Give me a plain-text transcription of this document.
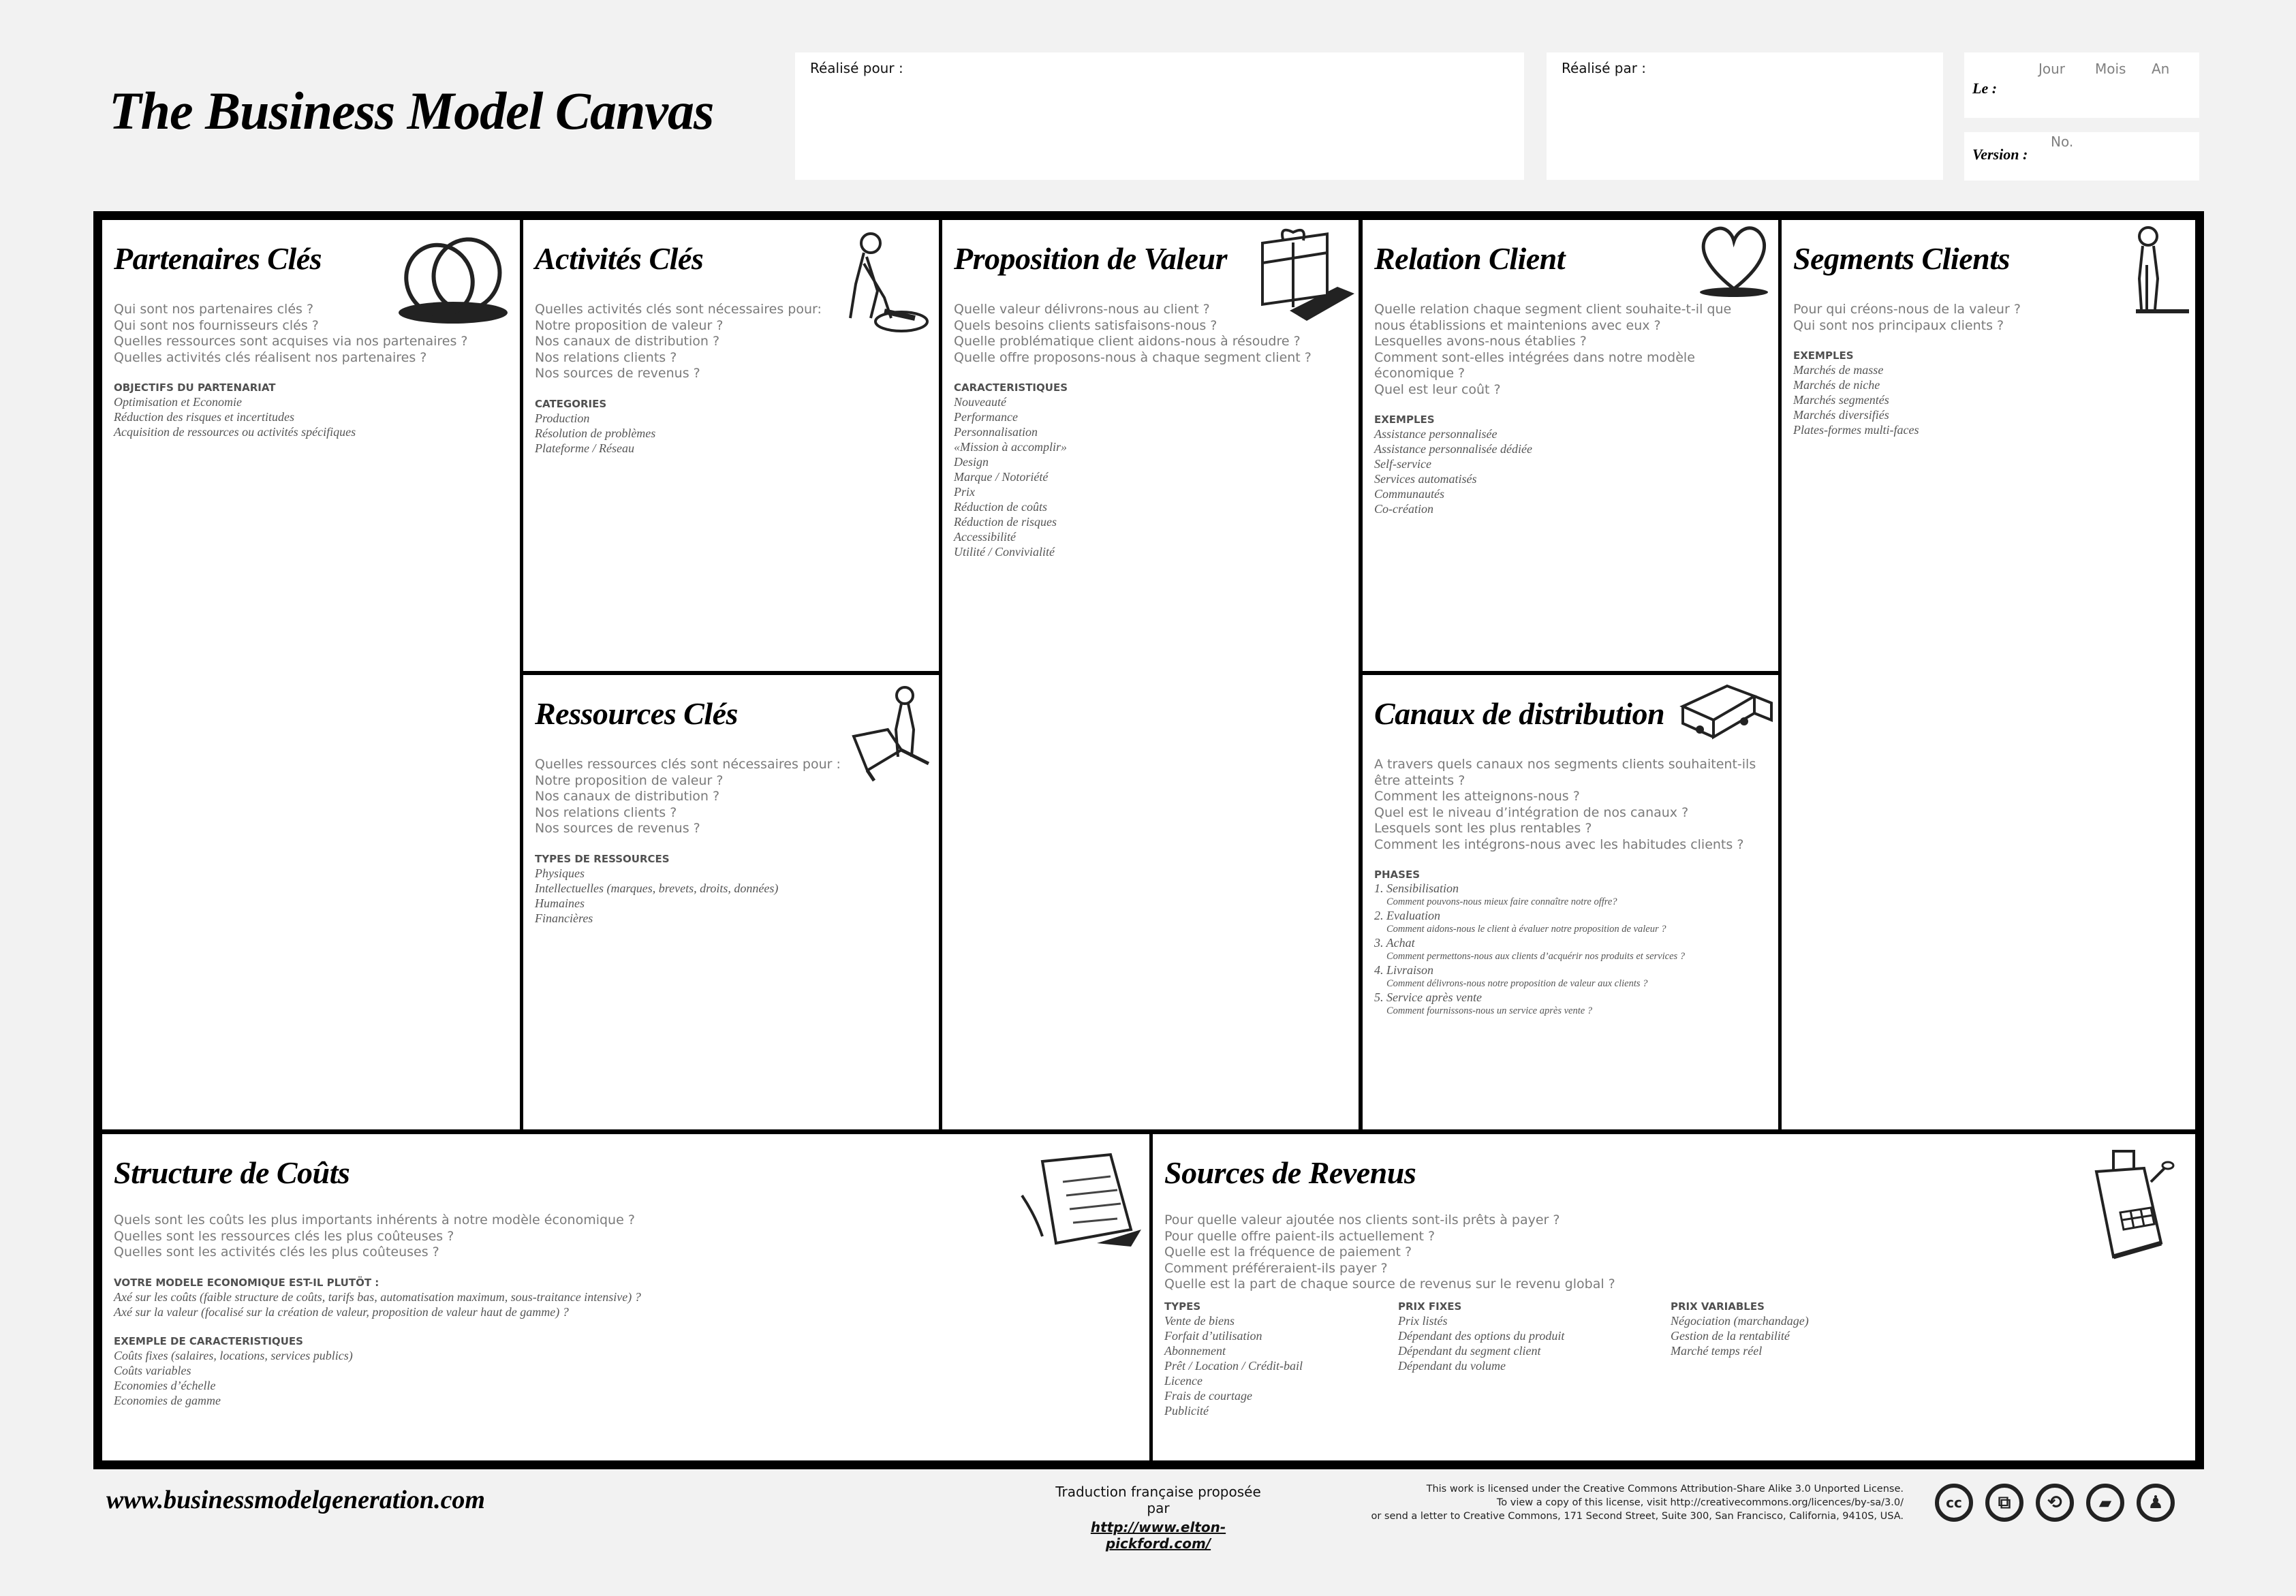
The Business Model Canvas
Réalisé pour :	Réalisé par :	Jour Mois An
Le :
No.
Version :
Partenaires Clés
Qui sont nos partenaires clés ?
Qui sont nos fournisseurs clés ?
Quelles ressources sont acquises via nos partenaires ?
Quelles activités clés réalisent nos partenaires ?
OBJECTIFS DU PARTENARIAT
Optimisation et Economie
Réduction des risques et incertitudes
Acquisition de ressources ou activités spécifiques
Activités Clés
Quelles activités clés sont nécessaires pour:
Notre proposition de valeur ?
Nos canaux de distribution ?
Nos relations clients ?
Nos sources de revenus ?
CATEGORIES
Production
Résolution de problèmes
Plateforme / Réseau
Ressources Clés
Quelles ressources clés sont nécessaires pour :
Notre proposition de valeur ?
Nos canaux de distribution ?
Nos relations clients ?
Nos sources de revenus ?
TYPES DE RESSOURCES
Physiques
Intellectuelles (marques, brevets, droits, données)
Humaines
Financières
Proposition de Valeur
Quelle valeur délivrons-nous au client ?
Quels besoins clients satisfaisons-nous ?
Quelle problématique client aidons-nous à résoudre ?
Quelle offre proposons-nous à chaque segment client ?
CARACTERISTIQUES
Nouveauté
Performance
Personnalisation
«Mission à accomplir»
Design
Marque / Notoriété
Prix
Réduction de coûts
Réduction de risques
Accessibilité
Utilité / Convivialité
Relation Client
Quelle relation chaque segment client souhaite-t-il que nous établissions et maintenions avec eux ?
Lesquelles avons-nous établies ?
Comment sont-elles intégrées dans notre modèle économique ?
Quel est leur coût ?
EXEMPLES
Assistance personnalisée
Assistance personnalisée dédiée
Self-service
Services automatisés
Communautés
Co-création
Canaux de distribution
A travers quels canaux nos segments clients souhaitent-ils être atteints ?
Comment les atteignons-nous ?
Quel est le niveau d’intégration de nos canaux ?
Lesquels sont les plus rentables ?
Comment les intégrons-nous avec les habitudes clients ?
PHASES
1. Sensibilisation
Comment pouvons-nous mieux faire connaître notre offre?
2. Evaluation
Comment aidons-nous le client à évaluer notre proposition de valeur ?
3. Achat
Comment permettons-nous aux clients d’acquérir nos produits et services ?
4. Livraison
Comment délivrons-nous notre proposition de valeur aux clients ?
5. Service après vente
Comment fournissons-nous un service après vente ?
Segments Clients
Pour qui créons-nous de la valeur ?
Qui sont nos principaux clients ?
EXEMPLES
Marchés de masse
Marchés de niche
Marchés segmentés
Marchés diversifiés
Plates-formes multi-faces
Structure de Coûts
Quels sont les coûts les plus importants inhérents à notre modèle économique ?
Quelles sont les ressources clés les plus coûteuses ?
Quelles sont les activités clés les plus coûteuses ?
VOTRE MODELE ECONOMIQUE EST-IL PLUTÖT :
Axé sur les coûts (faible structure de coûts, tarifs bas, automatisation maximum, sous-traitance intensive) ?
Axé sur la valeur (focalisé sur la création de valeur, proposition de valeur haut de gamme) ?
EXEMPLE DE CARACTERISTIQUES
Coûts fixes (salaires, locations, services publics)
Coûts variables
Economies d’échelle
Economies de gamme
Sources de Revenus
Pour quelle valeur ajoutée nos clients sont-ils prêts à payer ?
Pour quelle offre paient-ils actuellement ?
Quelle est la fréquence de paiement ?
Comment préféreraient-ils payer ?
Quelle est la part de chaque source de revenus sur le revenu global ?
TYPES
Vente de biens
Forfait d’utilisation
Abonnement
Prêt / Location / Crédit-bail
Licence
Frais de courtage
Publicité
PRIX FIXES
Prix listés
Dépendant des options du produit
Dépendant du segment client
Dépendant du volume
PRIX VARIABLES
Négociation (marchandage)
Gestion de la rentabilité
Marché temps réel
www.businessmodelgeneration.com	Traduction française proposée par
http://www.elton-pickford.com/
This work is licensed under the Creative Commons Attribution-Share Alike 3.0 Unported License.
To view a copy of this license, visit http://creativecommons.org/licences/by-sa/3.0/
or send a letter to Creative Commons, 171 Second Street, Suite 300, San Francisco, California, 9410S, USA.
cc	⧉	⟲	▰	♟
